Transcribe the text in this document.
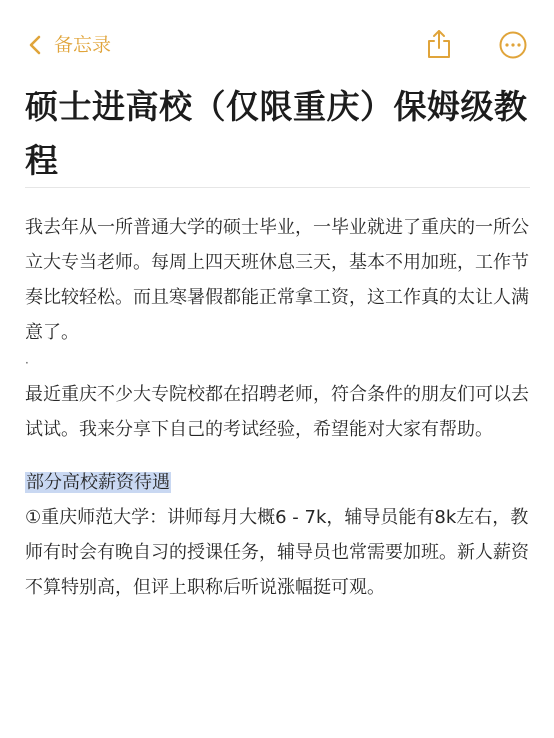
备忘录
硕士进高校（仅限重庆）保姆级教程

我去年从一所普通大学的硕士毕业，一毕业就进了重庆的一所公立大专当老师。每周上四天班休息三天，基本不用加班，工作节奏比较轻松。而且寒暑假都能正常拿工资，这工作真的太让人满意了。

·

最近重庆不少大专院校都在招聘老师，符合条件的朋友们可以去试试。我来分享下自己的考试经验，希望能对大家有帮助。

部分高校薪资待遇

①重庆师范大学：讲师每月大概6 - 7k，辅导员能有8k左右，教师有时会有晚自习的授课任务，辅导员也常需要加班。新人薪资不算特别高，但评上职称后听说涨幅挺可观。
